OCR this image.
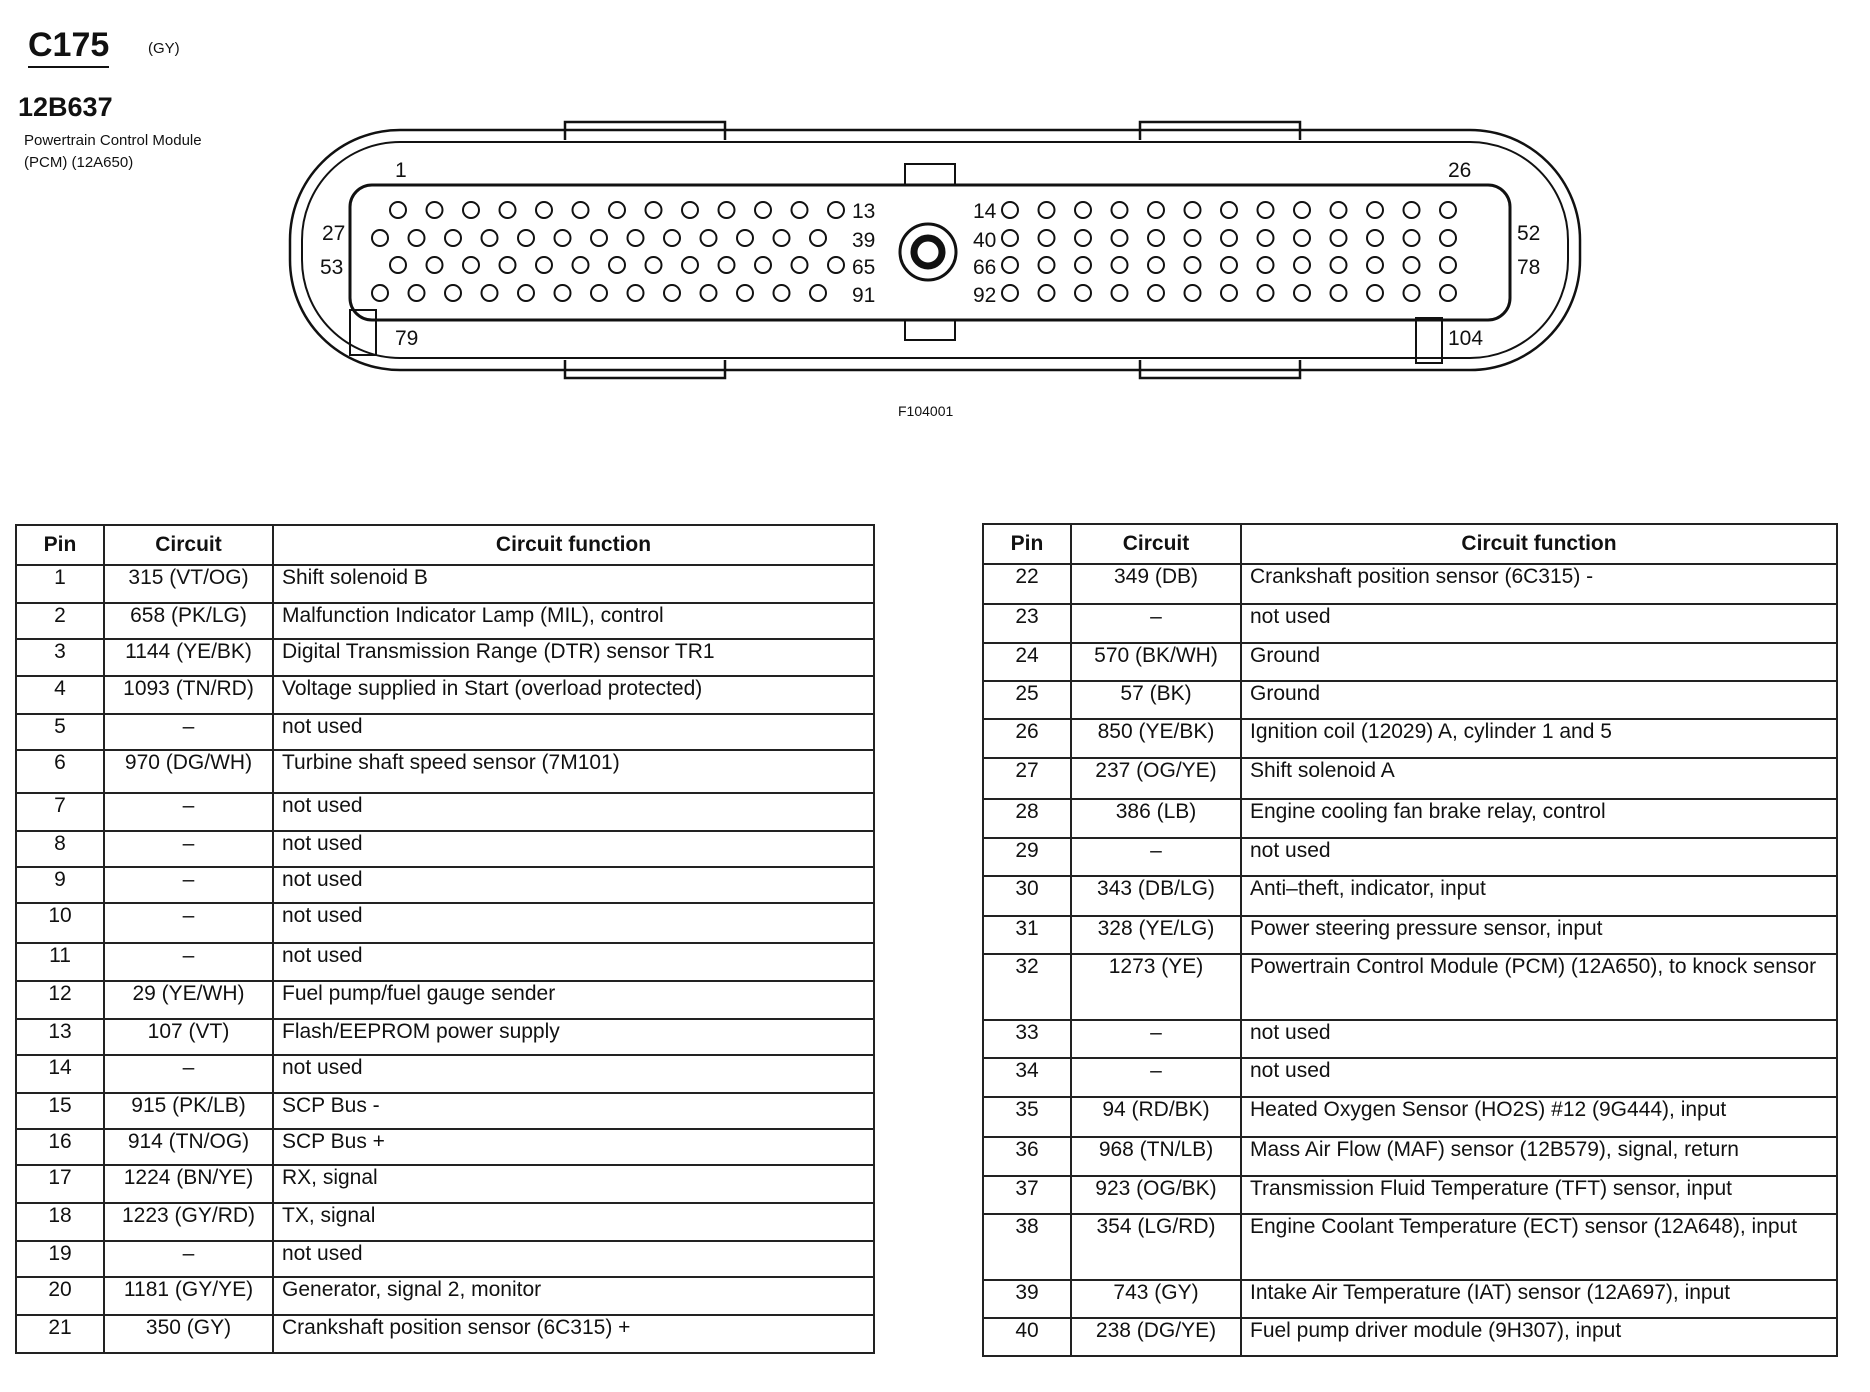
C175	(GY)
12B637
Powertrain Control Module (PCM) (12A650)	1	26
13	14
27	39	40	52
53	65	66	78
91	92
79	104
F104001
Pin	Circuit	Circuit function
1	315 (VT/OG)	Shift solenoid B
2	658 (PK/LG)	Malfunction Indicator Lamp (MIL), control
3	1144 (YE/BK)	Digital Transmission Range (DTR) sensor TR1
4	1093 (TN/RD)	Voltage supplied in Start (overload protected)
5	–	not used
6	970 (DG/WH)	Turbine shaft speed sensor (7M101)
7	–	not used
8	–	not used
9	–	not used
10	–	not used
11	–	not used
12	29 (YE/WH)	Fuel pump/fuel gauge sender
13	107 (VT)	Flash/EEPROM power supply
14	–	not used
15	915 (PK/LB)	SCP Bus -
16	914 (TN/OG)	SCP Bus +
17	1224 (BN/YE)	RX, signal
18	1223 (GY/RD)	TX, signal
19	–	not used
20	1181 (GY/YE)	Generator, signal 2, monitor
21	350 (GY)	Crankshaft position sensor (6C315) +
Pin	Circuit	Circuit function
22	349 (DB)	Crankshaft position sensor (6C315) -
23	–	not used
24	570 (BK/WH)	Ground
25	57 (BK)	Ground
26	850 (YE/BK)	Ignition coil (12029) A, cylinder 1 and 5
27	237 (OG/YE)	Shift solenoid A
28	386 (LB)	Engine cooling fan brake relay, control
29	–	not used
30	343 (DB/LG)	Anti–theft, indicator, input
31	328 (YE/LG)	Power steering pressure sensor, input
32	1273 (YE)	Powertrain Control Module (PCM) (12A650), to knock sensor
33	–	not used
34	–	not used
35	94 (RD/BK)	Heated Oxygen Sensor (HO2S) #12 (9G444), input
36	968 (TN/LB)	Mass Air Flow (MAF) sensor (12B579), signal, return
37	923 (OG/BK)	Transmission Fluid Temperature (TFT) sensor, input
38	354 (LG/RD)	Engine Coolant Temperature (ECT) sensor (12A648), input
39	743 (GY)	Intake Air Temperature (IAT) sensor (12A697), input
40	238 (DG/YE)	Fuel pump driver module (9H307), input
